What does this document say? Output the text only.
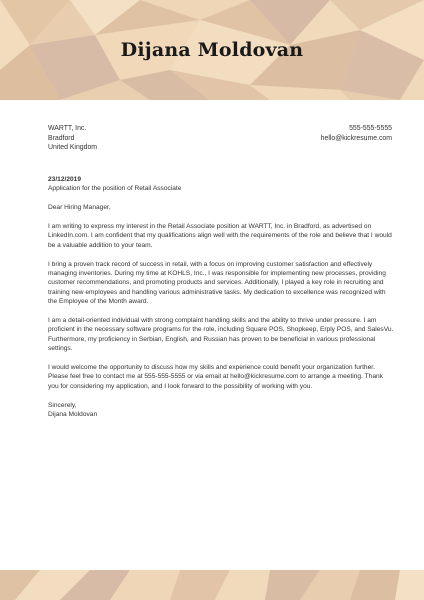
Dijana Moldovan
WARTT, Inc.
Bradford
United Kingdom
555-555-5555
hello@kickresume.com
23/12/2019

Application for the position of Retail Associate

Dear Hiring Manager,

I am writing to express my interest in the Retail Associate position at WARTT, Inc. in Bradford, as advertised on LinkedIn.com. I am confident that my qualifications align well with the requirements of the role and believe that I would be a valuable addition to your team.

I bring a proven track record of success in retail, with a focus on improving customer satisfaction and effectively managing inventories. During my time at KOHLS, Inc., I was responsible for implementing new processes, providing customer recommendations, and promoting products and services. Additionally, I played a key role in recruiting and training new employees and handling various administrative tasks. My dedication to excellence was recognized with the Employee of the Month award.

I am a detail-oriented individual with strong complaint handling skills and the ability to thrive under pressure. I am proficient in the necessary software programs for the role, including Square POS, Shopkeep, Erply POS, and SalesVu. Furthermore, my proficiency in Serbian, English, and Russian has proven to be beneficial in various professional settings.

I would welcome the opportunity to discuss how my skills and experience could benefit your organization further. Please feel free to contact me at 555-555-5555 or via email at hello@kickresume.com to arrange a meeting. Thank you for considering my application, and I look forward to the possibility of working with you.

Sincerely,
Dijana Moldovan
